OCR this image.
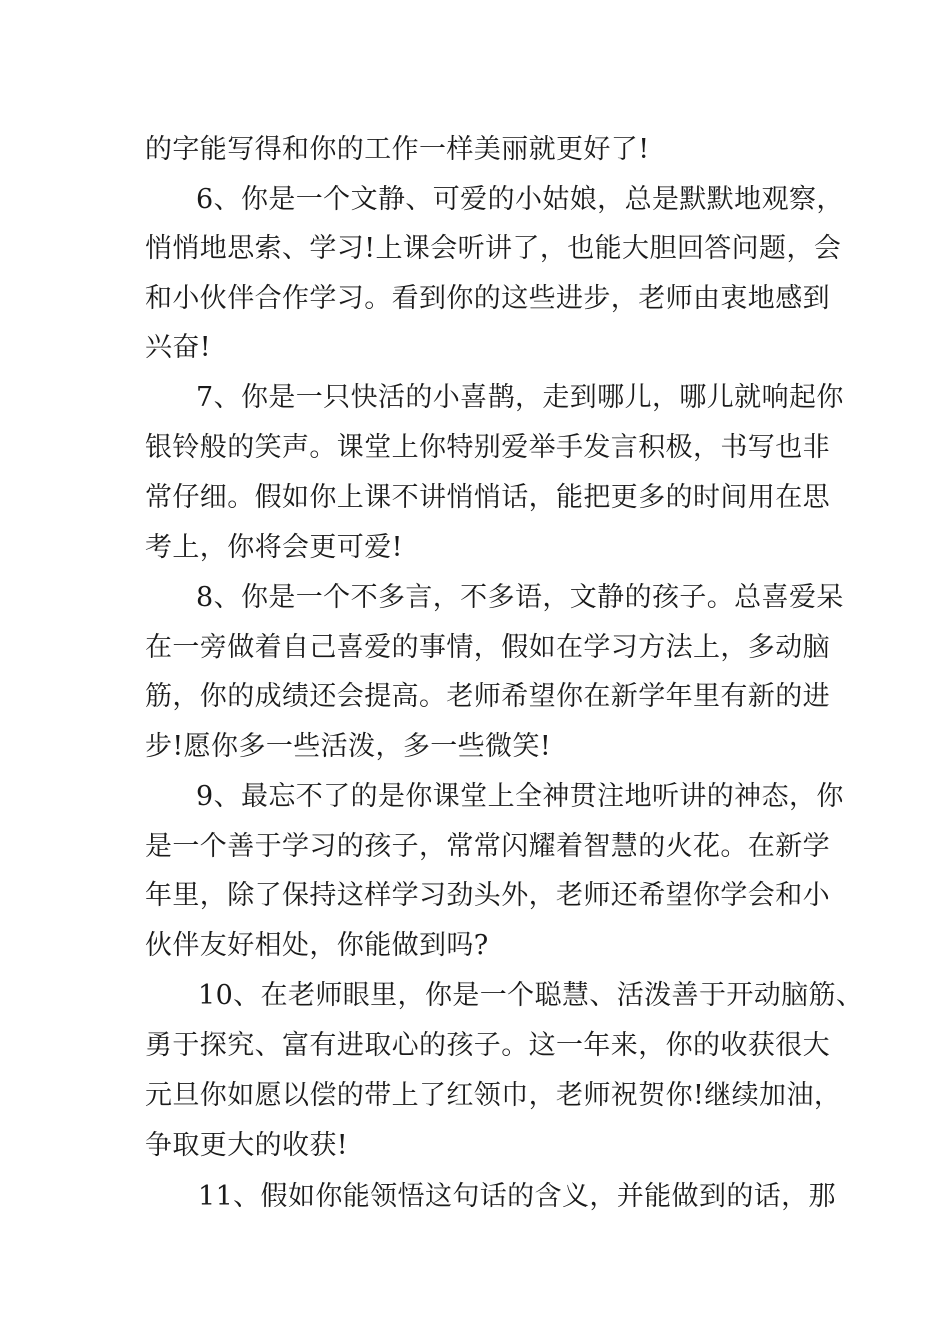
的字能写得和你的工作一样美丽就更好了!
6、你是一个文静、可爱的小姑娘，总是默默地观察，
悄悄地思索、学习!上课会听讲了，也能大胆回答问题，会
和小伙伴合作学习。看到你的这些进步，老师由衷地感到
兴奋!
7、你是一只快活的小喜鹊，走到哪儿，哪儿就响起你
银铃般的笑声。课堂上你特别爱举手发言积极，书写也非
常仔细。假如你上课不讲悄悄话，能把更多的时间用在思
考上，你将会更可爱!
8、你是一个不多言，不多语，文静的孩子。总喜爱呆
在一旁做着自己喜爱的事情，假如在学习方法上，多动脑
筋，你的成绩还会提高。老师希望你在新学年里有新的进
步!愿你多一些活泼，多一些微笑!
9、最忘不了的是你课堂上全神贯注地听讲的神态，你
是一个善于学习的孩子，常常闪耀着智慧的火花。在新学
年里，除了保持这样学习劲头外，老师还希望你学会和小
伙伴友好相处，你能做到吗?
10、在老师眼里，你是一个聪慧、活泼善于开动脑筋、
勇于探究、富有进取心的孩子。这一年来，你的收获很大
元旦你如愿以偿的带上了红领巾，老师祝贺你!继续加油，
争取更大的收获!
11、假如你能领悟这句话的含义，并能做到的话，那
